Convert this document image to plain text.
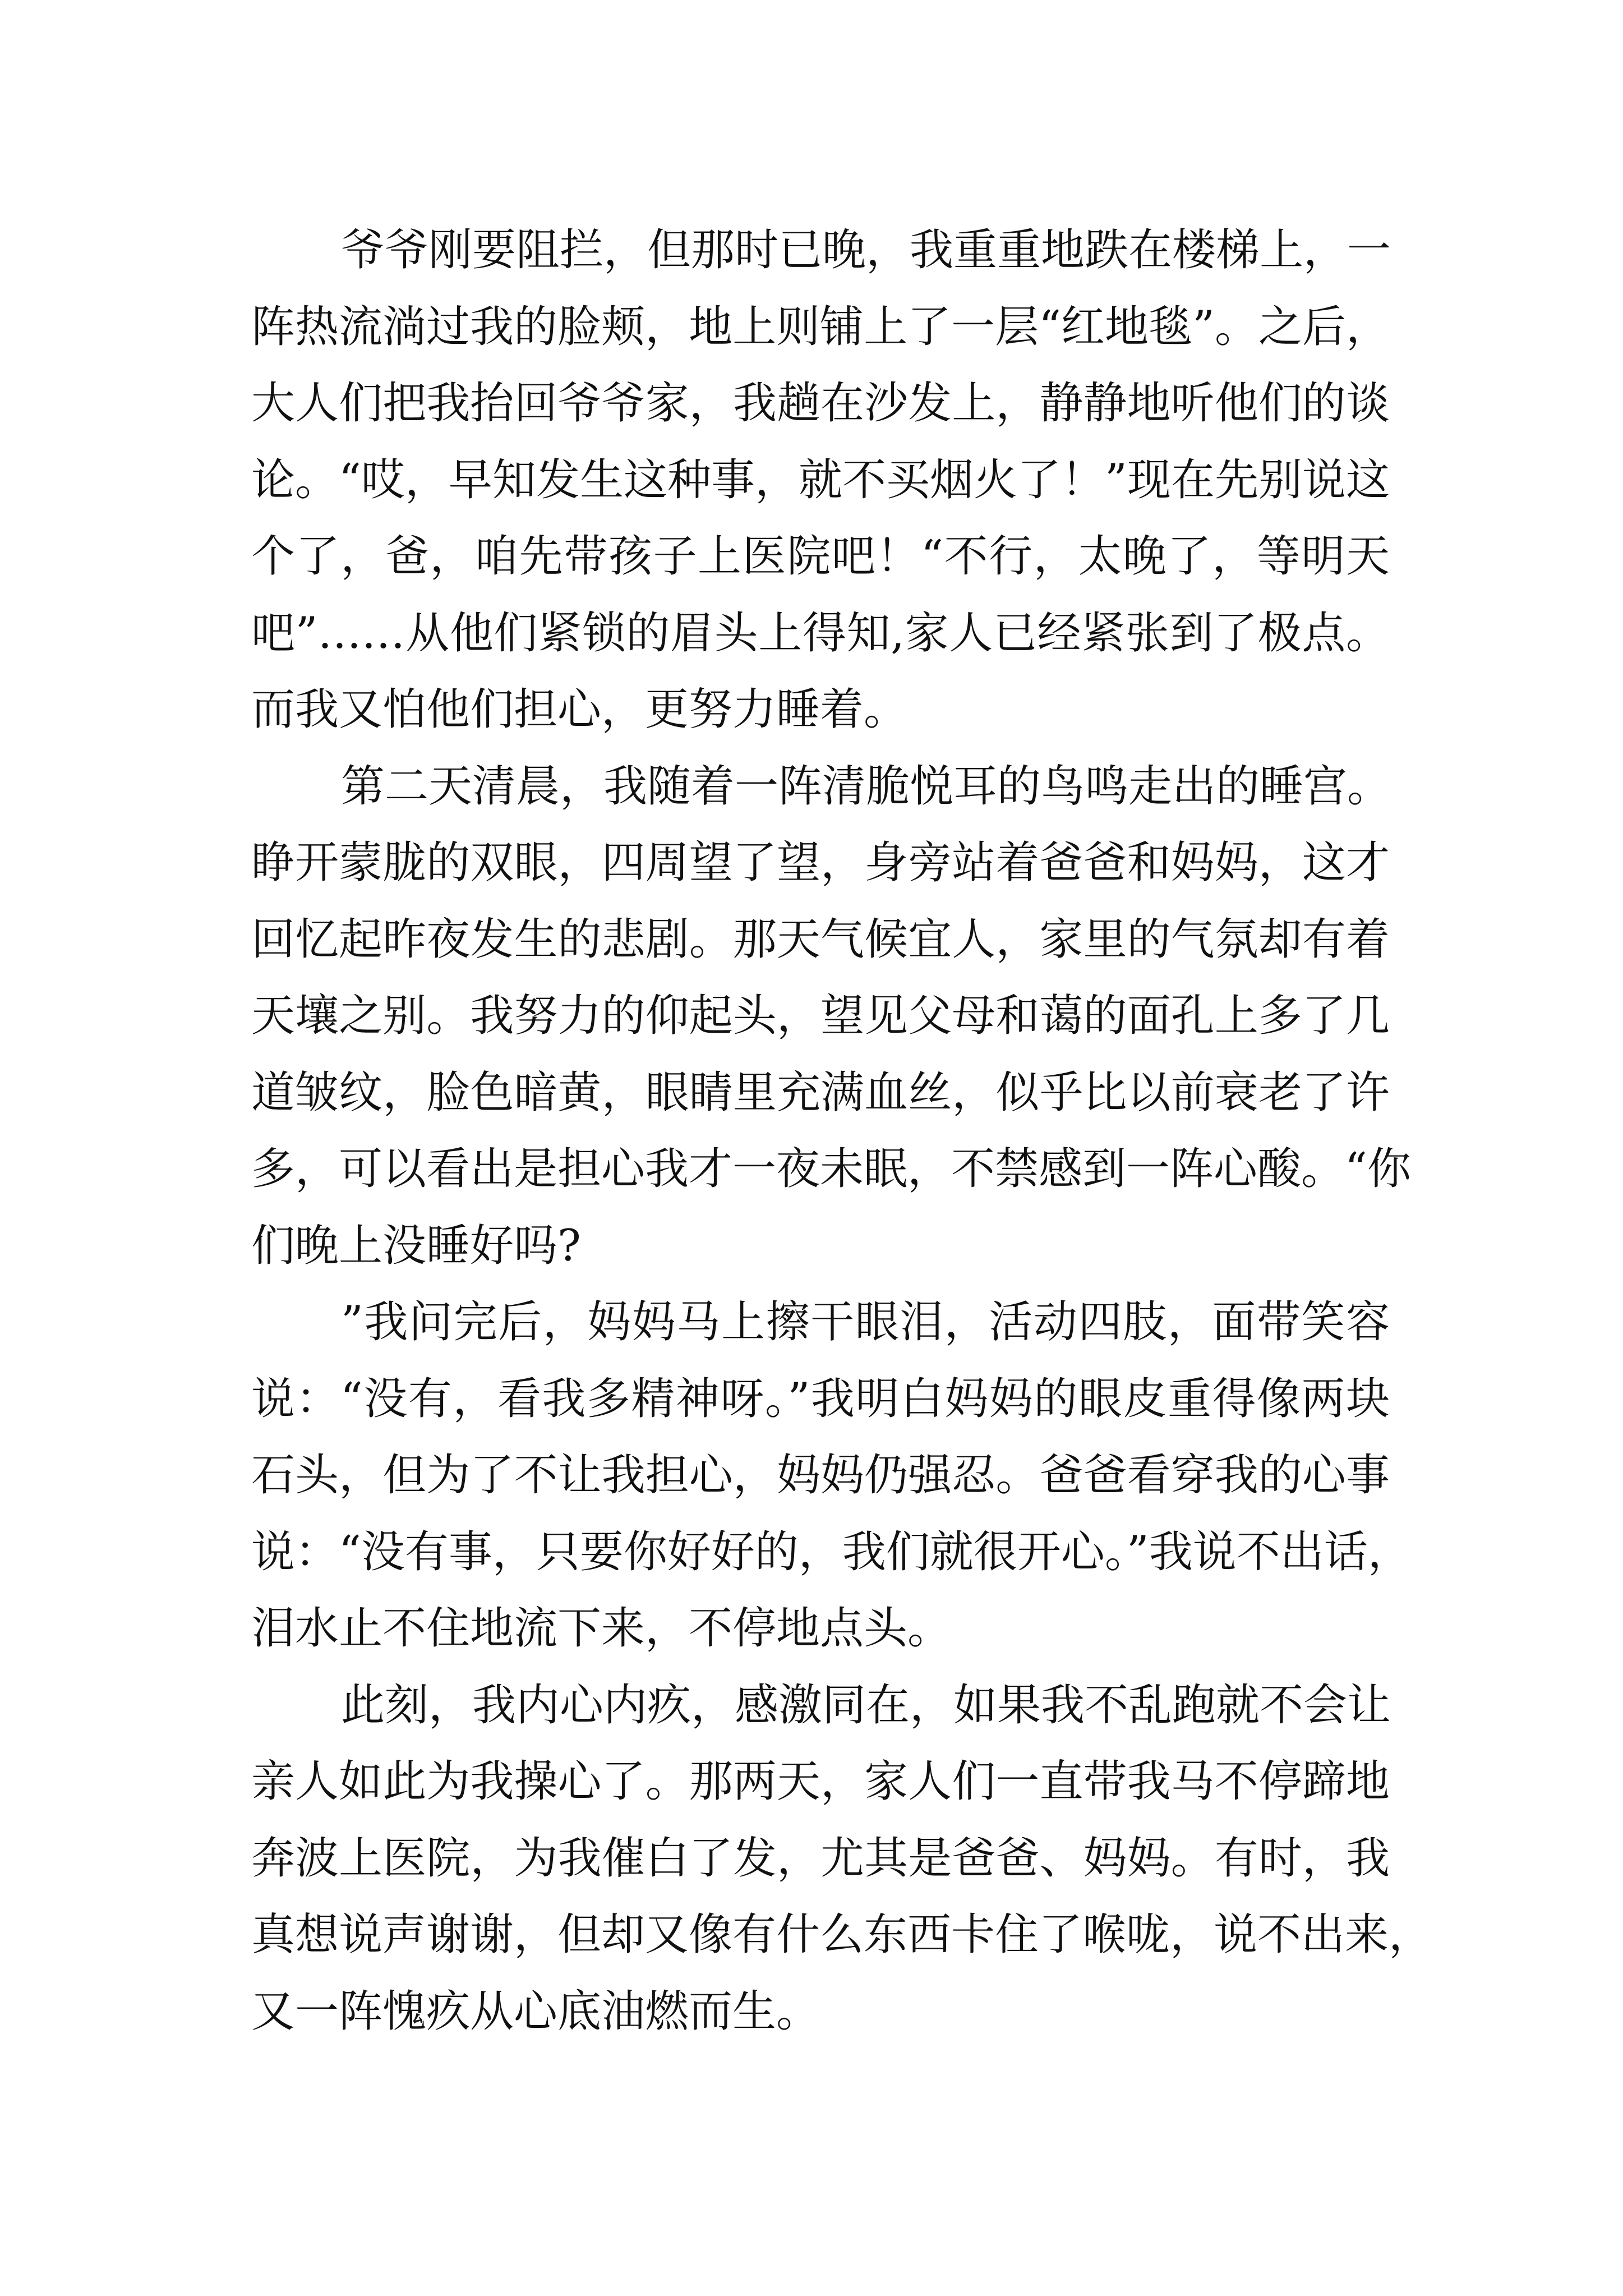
爷爷刚要阻拦，但那时已晚，我重重地跌在楼梯上，一
阵热流淌过我的脸颊，地上则铺上了一层“红地毯”。之后，
大人们把我抬回爷爷家，我趟在沙发上，静静地听他们的谈
论。“哎，早知发生这种事，就不买烟火了！”现在先别说这
个了，爸，咱先带孩子上医院吧！“不行，太晚了，等明天
吧”……从他们紧锁的眉头上得知,家人已经紧张到了极点。
而我又怕他们担心，更努力睡着。
第二天清晨，我随着一阵清脆悦耳的鸟鸣走出的睡宫。
睁开蒙胧的双眼，四周望了望，身旁站着爸爸和妈妈，这才
回忆起昨夜发生的悲剧。那天气候宜人，家里的气氛却有着
天壤之别。我努力的仰起头，望见父母和蔼的面孔上多了几
道皱纹，脸色暗黄，眼睛里充满血丝，似乎比以前衰老了许
多，可以看出是担心我才一夜未眠，不禁感到一阵心酸。“你
们晚上没睡好吗?
”我问完后，妈妈马上擦干眼泪，活动四肢，面带笑容
说：“没有，看我多精神呀。”我明白妈妈的眼皮重得像两块
石头，但为了不让我担心，妈妈仍强忍。爸爸看穿我的心事
说：“没有事，只要你好好的，我们就很开心。”我说不出话，
泪水止不住地流下来，不停地点头。
此刻，我内心内疚，感激同在，如果我不乱跑就不会让
亲人如此为我操心了。那两天，家人们一直带我马不停蹄地
奔波上医院，为我催白了发，尤其是爸爸、妈妈。有时，我
真想说声谢谢，但却又像有什么东西卡住了喉咙，说不出来，
又一阵愧疚从心底油燃而生。
